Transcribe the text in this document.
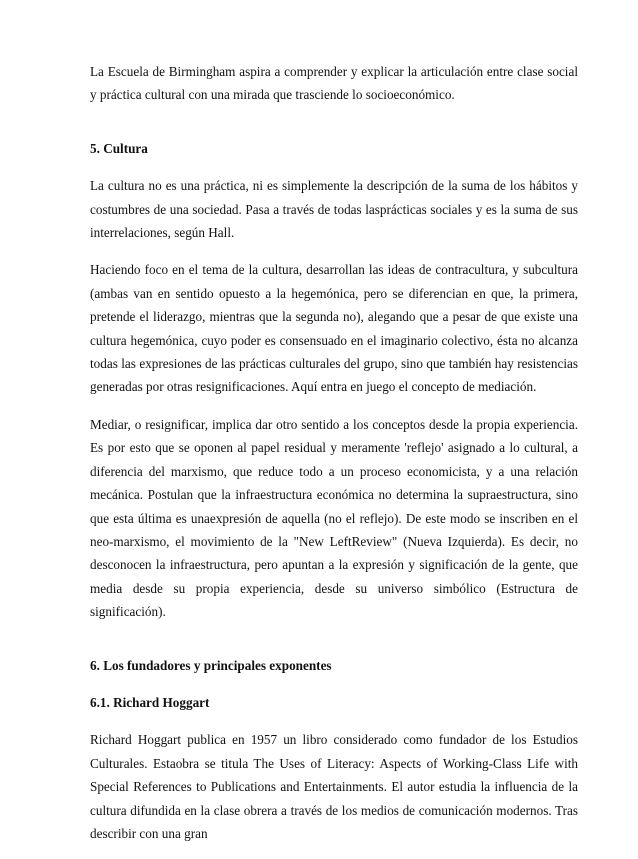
La Escuela de Birmingham aspira a comprender y explicar la articulación entre clase social y práctica cultural con una mirada que trasciende lo socioeconómico.

5. Cultura

La cultura no es una práctica, ni es simplemente la descripción de la suma de los hábitos y costumbres de una sociedad. Pasa a través de todas lasprácticas sociales y es la suma de sus interrelaciones, según Hall.

Haciendo foco en el tema de la cultura, desarrollan las ideas de contracultura, y subcultura (ambas van en sentido opuesto a la hegemónica, pero se diferencian en que, la primera, pretende el liderazgo, mientras que la segunda no), alegando que a pesar de que existe una cultura hegemónica, cuyo poder es consensuado en el imaginario colectivo, ésta no alcanza todas las expresiones de las prácticas culturales del grupo, sino que también hay resistencias generadas por otras resignificaciones. Aquí entra en juego el concepto de mediación.

Mediar, o resignificar, implica dar otro sentido a los conceptos desde la propia experiencia. Es por esto que se oponen al papel residual y meramente 'reflejo' asignado a lo cultural, a diferencia del marxismo, que reduce todo a un proceso economicista, y a una relación mecánica. Postulan que la infraestructura económica no determina la supraestructura, sino que esta última es unaexpresión de aquella (no el reflejo). De este modo se inscriben en el neo-marxismo, el movimiento de la "New LeftReview" (Nueva Izquierda). Es decir, no desconocen la infraestructura, pero apuntan a la expresión y significación de la gente, que media desde su propia experiencia, desde su universo simbólico (Estructura de significación).

6. Los fundadores y principales exponentes

6.1. Richard Hoggart

Richard Hoggart publica en 1957 un libro considerado como fundador de los Estudios Culturales. Estaobra se titula The Uses of Literacy: Aspects of Working-Class Life with Special References to Publications and Entertainments. El autor estudia la influencia de la cultura difundida en la clase obrera a través de los medios de comunicación modernos. Tras describir con una gran
